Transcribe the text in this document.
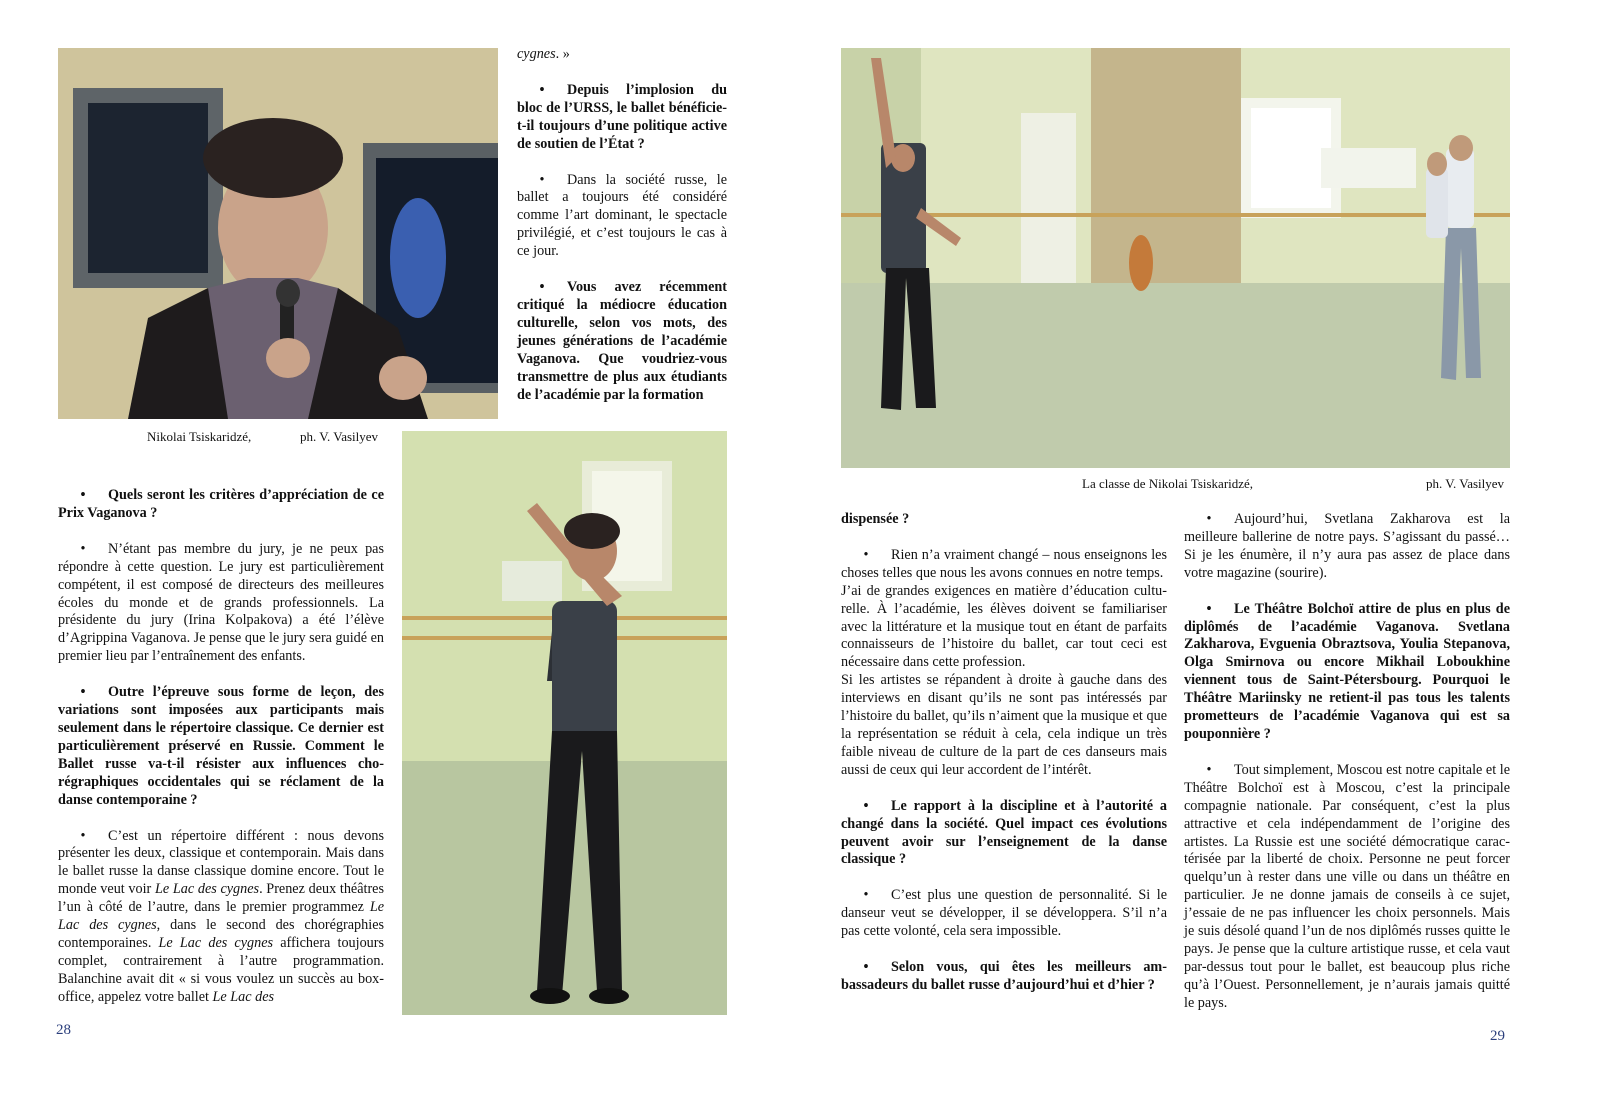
Nikolai Tsiskaridzé,	ph. V. Vasilyev

cygnes. »

• Depuis l’implosion du bloc de l’URSS, le ballet bénéficie-t-il toujours d’une politique active de soutien de l’État ?

• Dans la société russe, le ballet a toujours été considéré comme l’art dominant, le spectacle privilégié, et c’est toujours le cas à ce jour.

• Vous avez récemment critiqué la médiocre éducation culturelle, selon vos mots, des jeunes générations de l’académie Vaganova. Que voudriez-vous transmettre de plus aux étudiants de l’académie par la formation

• Quels seront les critères d’appréciation de ce Prix Vaganova ?

• N’étant pas membre du jury, je ne peux pas répondre à cette question. Le jury est particulièrement compétent, il est composé de directeurs des meilleures écoles du monde et de grands professionnels. La présidente du jury (Irina Kolpakova) a été l’élève d’Agrippina Vaganova. Je pense que le jury sera guidé en premier lieu par l’entraînement des enfants.

• Outre l’épreuve sous forme de leçon, des variations sont imposées aux participants mais seulement dans le répertoire classique. Ce dernier est particulièrement préservé en Russie. Comment le Ballet russe va-t-il résister aux influences chorégraphiques occidentales qui se réclament de la danse contemporaine ?

• C’est un répertoire différent : nous devons présenter les deux, classique et contemporain. Mais dans le ballet russe la danse classique domine encore. Tout le monde veut voir Le Lac des cygnes. Prenez deux théâtres l’un à côté de l’autre, dans le premier programmez Le Lac des cygnes, dans le second des chorégraphies contemporaines. Le Lac des cygnes affichera toujours complet, contrairement à l’autre programmation. Balanchine avait dit « si vous voulez un succès au box-office, appelez votre ballet Le Lac des

28
La classe de Nikolai Tsiskaridzé,	ph. V. Vasilyev

dispensée ?

• Rien n’a vraiment changé – nous enseignons les choses telles que nous les avons connues en notre temps.

J’ai de grandes exigences en matière d’éducation culturelle. À l’académie, les élèves doivent se familiariser avec la littérature et la musique tout en étant de parfaits connaisseurs de l’histoire du ballet, car tout ceci est nécessaire dans cette profession.

Si les artistes se répandent à droite à gauche dans des interviews en disant qu’ils ne sont pas intéressés par l’histoire du ballet, qu’ils n’aiment que la musique et que la représentation se réduit à cela, cela indique un très faible niveau de culture de la part de ces danseurs mais aussi de ceux qui leur accordent de l’intérêt.

• Le rapport à la discipline et à l’autorité a changé dans la société. Quel impact ces évolutions peuvent avoir sur l’enseignement de la danse classique ?

• C’est plus une question de personnalité. Si le danseur veut se développer, il se développera. S’il n’a pas cette volonté, cela sera impossible.

• Selon vous, qui êtes les meilleurs ambassadeurs du ballet russe d’aujourd’hui et d’hier ?

• Aujourd’hui, Svetlana Zakharova est la meilleure ballerine de notre pays. S’agissant du passé… Si je les énumère, il n’y aura pas assez de place dans votre magazine (sourire).

• Le Théâtre Bolchoï attire de plus en plus de diplômés de l’académie Vaganova. Svetlana Zakharova, Evguenia Obraztsova, Youlia Stepanova, Olga Smirnova ou encore Mikhail Loboukhine viennent tous de Saint-Pétersbourg. Pourquoi le Théâtre Mariinsky ne retient-il pas tous les talents prometteurs de l’académie Vaganova qui est sa pouponnière ?

• Tout simplement, Moscou est notre capitale et le Théâtre Bolchoï est à Moscou, c’est la principale compagnie nationale. Par conséquent, c’est la plus attractive et cela indépendamment de l’origine des artistes. La Russie est une société démocratique caractérisée par la liberté de choix. Personne ne peut forcer quelqu’un à rester dans une ville ou dans un théâtre en particulier. Je ne donne jamais de conseils à ce sujet, j’essaie de ne pas influencer les choix personnels. Mais je suis désolé quand l’un de nos diplômés russes quitte le pays. Je pense que la culture artistique russe, et cela vaut par-dessus tout pour le ballet, est beaucoup plus riche qu’à l’Ouest. Personnellement, je n’aurais jamais quitté le pays.

29
